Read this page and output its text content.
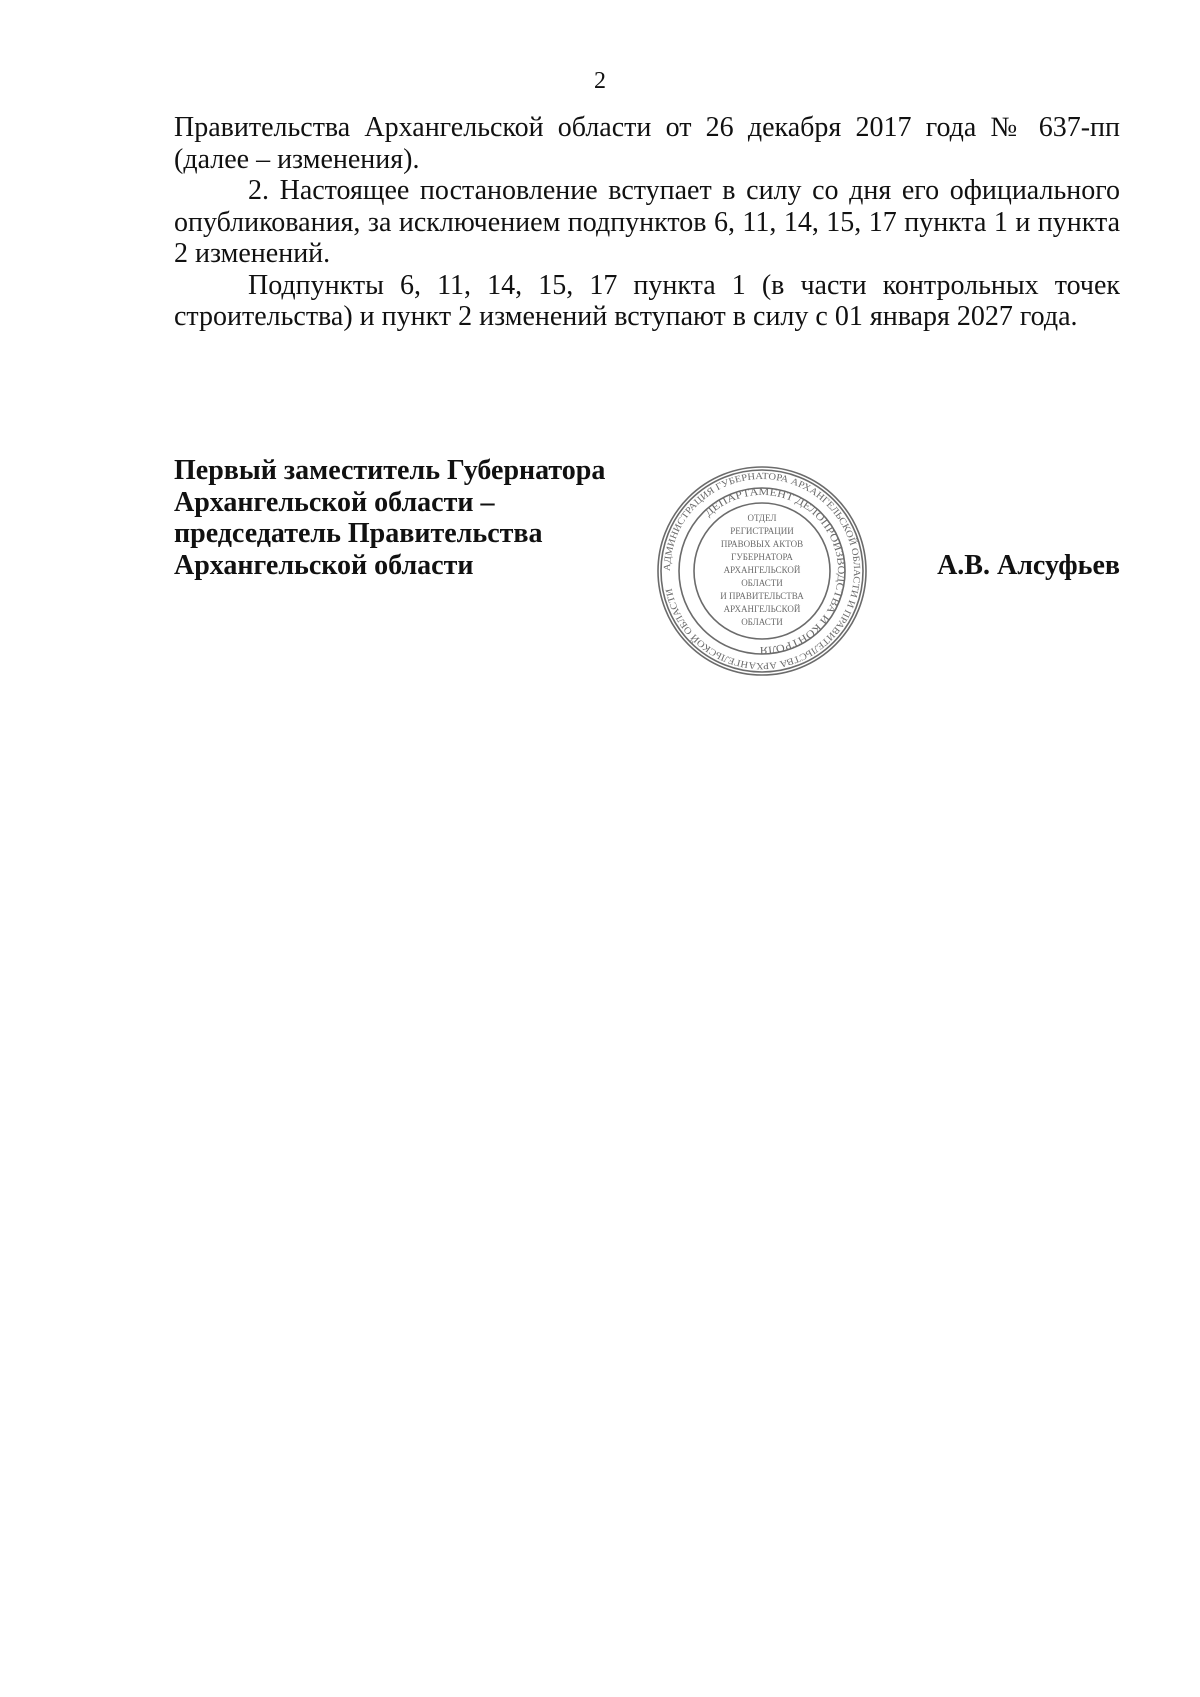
2

Правительства Архангельской области от 26 декабря 2017 года № 637-пп (далее – изменения).

2. Настоящее постановление вступает в силу со дня его официального опубликования, за исключением подпунктов 6, 11, 14, 15, 17 пункта 1 и пункта 2 изменений.

Подпункты 6, 11, 14, 15, 17 пункта 1 (в части контрольных точек строительства) и пункт 2 изменений вступают в силу с 01 января 2027 года.

Первый заместитель Губернатора
Архангельской области –
председатель Правительства
Архангельской области	АДМИНИСТРАЦИЯ ГУБЕРНАТОРА АРХАНГЕЛЬСКОЙ ОБЛАСТИ И ПРАВИТЕЛЬСТВА АРХАНГЕЛЬСКОЙ ОБЛАСТИ
ДЕПАРТАМЕНТ ДЕЛОПРОИЗВОДСТВА И КОНТРОЛЯ
ОТДЕЛ
РЕГИСТРАЦИИ
ПРАВОВЫХ АКТОВ
ГУБЕРНАТОРА
АРХАНГЕЛЬСКОЙ
ОБЛАСТИ
И ПРАВИТЕЛЬСТВА
АРХАНГЕЛЬСКОЙ
ОБЛАСТИ
А.В. Алсуфьев
